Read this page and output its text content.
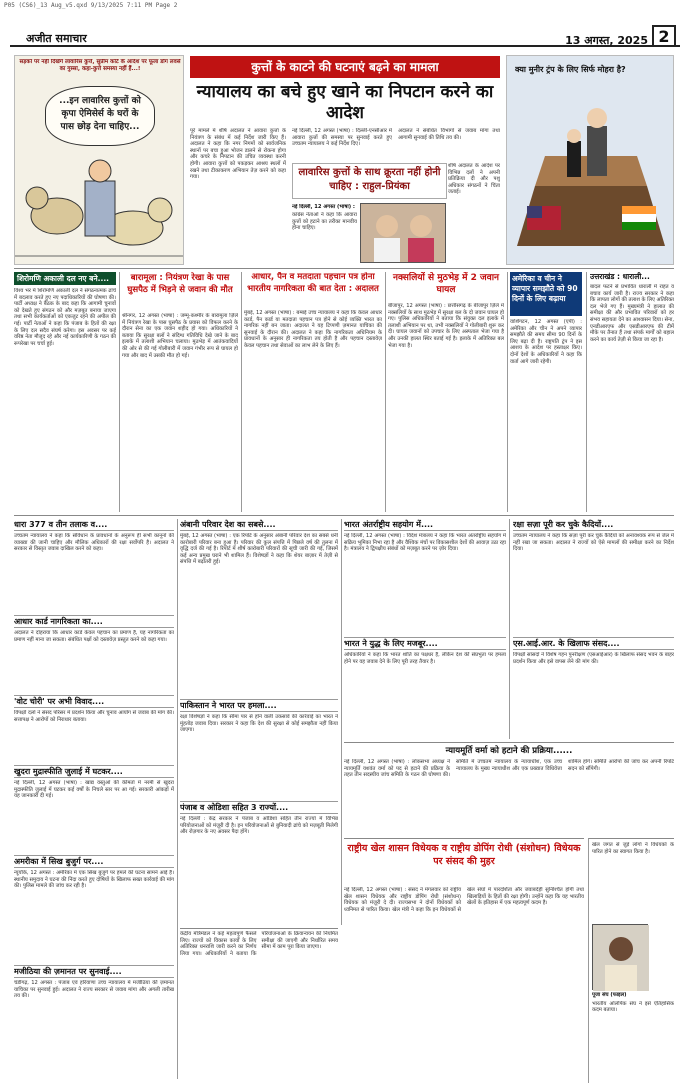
P05 (CS6)_13 Aug_v5.qxd 9/13/2025 7:11 PM Page 2
अजीत समाचार	13 अगस्त, 2025 2
सड़कों पर नहीं दिखेंगे लावारिस कुत्ते, सुप्रीम कोर्ट के आदेश पर फूला डॉग लवर्स का गुस्सा, कहा-कुत्ते समस्या नहीं हैं...!
...इन लावारिस कुत्तों को कृपा ऐमिसेर्स के घरों के पास छोड़ देना चाहिए...
कुत्तों के काटने की घटनाएं बढ़ने का मामला
न्यायालय का बचे हुए खाने का निपटान करने का आदेश
पूरे मामले में शीर्ष अदालत ने आवारा कुत्तों के नियंत्रण के संबंध में कई निर्देश जारी किए हैं। अदालत ने कहा कि नगर निगमों को सार्वजनिक स्थानों पर बचा हुआ भोजन डालने से रोकना होगा और कचरे के निपटान की उचित व्यवस्था करनी होगी। आवारा कुत्तों को पकड़कर आश्रय स्थलों में रखने तथा टीकाकरण अभियान तेज़ करने को कहा गया।
नई दिल्ली, 12 अगस्त (भाषा) : दिल्ली-एनसीआर में आवारा कुत्तों की समस्या पर सुनवाई करते हुए उच्चतम न्यायालय ने कई निर्देश दिए।
अदालत ने संबंधित विभागों से जवाब मांगा तथा आगामी सुनवाई की तिथि तय की।
लावारिस कुत्तों के साथ क्रूरता नहीं होनी चाहिए : राहुल-प्रियंका
नई दिल्ली, 12 अगस्त (भाषा) :
कांग्रेस नेताओं ने कहा कि आवारा कुत्तों को हटाने का तरीका मानवीय होना चाहिए।
शीर्ष अदालत के आदेश पर विभिन्न दलों ने अपनी प्रतिक्रिया दी और पशु अधिकार संगठनों ने चिंता जताई।
क्या मुनीर ट्रंप के लिए सिर्फ मोहरा है?
शिरोमणि अकाली दल नए बने....
विश्व भर में शिरोमणि अकाली दल ने संगठनात्मक ढांचे में बदलाव करते हुए नए पदाधिकारियों की घोषणा की। पार्टी अध्यक्ष ने बैठक के बाद कहा कि आगामी चुनावों को देखते हुए संगठन को और मज़बूत बनाया जाएगा तथा सभी कार्यकर्ताओं को एकजुट रहने की अपील की गई। पार्टी नेताओं ने कहा कि पंजाब के हितों की रक्षा के लिए दल सदैव संघर्ष करेगा। इस अवसर पर कई वरिष्ठ नेता मौजूद रहे और नई कार्यकारिणी के गठन की रूपरेखा पर चर्चा हुई।
बारामूला : नियंत्रण रेखा के पास घुसपैठ में भिड़ने से जवान की मौत
श्रीनगर, 12 अगस्त (भाषा) : जम्मू-कश्मीर के बारामूला ज़िले में नियंत्रण रेखा के पास घुसपैठ के प्रयास को विफल करने के दौरान सेना का एक जवान शहीद हो गया। अधिकारियों ने बताया कि सुरक्षा बलों ने संदिग्ध गतिविधि देखे जाने के बाद इलाके में तलाशी अभियान चलाया। मुठभेड़ में आतंकवादियों की ओर से की गई गोलीबारी में जवान गंभीर रूप से घायल हो गया और बाद में उसकी मौत हो गई।
आधार, पैन व मतदाता पहचान पत्र होना भारतीय नागरिकता की बात देता : अदालत
मुंबई, 12 अगस्त (भाषा) : बम्बई उच्च न्यायालय ने कहा कि केवल आधार कार्ड, पैन कार्ड या मतदाता पहचान पत्र होने से कोई व्यक्ति भारत का नागरिक नहीं बन जाता। अदालत ने यह टिप्पणी ज़मानत याचिका की सुनवाई के दौरान की। अदालत ने कहा कि नागरिकता अधिनियम के प्रावधानों के अनुसार ही नागरिकता तय होती है और पहचान दस्तावेज़ केवल पहचान तथा सेवाओं का लाभ लेने के लिए हैं।
नक्सलियों से मुठभेड़ में 2 जवान घायल
बीजापुर, 12 अगस्त (भाषा) : छत्तीसगढ़ के बीजापुर ज़िले में नक्सलियों के साथ मुठभेड़ में सुरक्षा बल के दो जवान घायल हो गए। पुलिस अधिकारियों ने बताया कि संयुक्त दल इलाके में तलाशी अभियान पर था, तभी नक्सलियों ने गोलीबारी शुरू कर दी। घायल जवानों को उपचार के लिए अस्पताल भेजा गया है और उनकी हालत स्थिर बताई गई है। इलाके में अतिरिक्त बल भेजा गया है।
अमेरिका व चीन ने व्यापार समझौते को 90 दिनों के लिए बढ़ाया
वाशिंगटन, 12 अगस्त (एपी) : अमेरिका और चीन ने अपने व्यापार समझौते की समय सीमा 90 दिनों के लिए बढ़ा दी है। राष्ट्रपति ट्रंप ने इस आशय के आदेश पर हस्ताक्षर किए। दोनों देशों के अधिकारियों ने कहा कि वार्ता आगे जारी रहेगी।
उत्तराखंड : धाराली...
बादल फटने से प्रभावित धाराली में राहत व बचाव कार्य जारी है। राज्य सरकार ने कहा कि लापता लोगों की तलाश के लिए अतिरिक्त दल भेजे गए हैं। मुख्यमंत्री ने हालात की समीक्षा की और प्रभावित परिवारों को हर संभव सहायता देने का आश्वासन दिया। सेना, एनडीआरएफ और एसडीआरएफ की टीमें मौके पर तैनात हैं तथा संपर्क मार्गों को बहाल करने का कार्य तेज़ी से किया जा रहा है।
धारा 377 व तीन तलाक व....
उच्चतम न्यायालय ने कहा कि संविधान के प्रावधानों के अनुरूप ही सभी कानूनों की व्याख्या की जानी चाहिए और मौलिक अधिकारों की रक्षा सर्वोपरि है। अदालत ने सरकार से विस्तृत जवाब दाखिल करने को कहा।
आधार कार्ड नागरिकता का....
अदालत ने दोहराया कि आधार कार्ड केवल पहचान का प्रमाण है, यह नागरिकता का प्रमाण नहीं माना जा सकता। संबंधित पक्षों को दस्तावेज़ प्रस्तुत करने को कहा गया।
'वोट चोरी' पर अभी विवाद....
विपक्षी दलों ने संसद परिसर में प्रदर्शन किया और चुनाव आयोग से जवाब की मांग की। सत्तापक्ष ने आरोपों को निराधार बताया।
खुदरा मुद्रास्फीति जुलाई में घटकर....
नई दिल्ली, 12 अगस्त (भाषा) : खाद्य वस्तुओं की कीमतों में नरमी से खुदरा मुद्रास्फीति जुलाई में घटकर कई वर्षों के निचले स्तर पर आ गई। सरकारी आंकड़ों में यह जानकारी दी गई।
अमरीका में सिख बुजुर्ग पर....
न्यूयॉर्क, 12 अगस्त : अमेरिका में एक सिख बुजुर्ग पर हमले की घटना सामने आई है। स्थानीय समुदाय ने घटना की निंदा करते हुए दोषियों के खिलाफ सख्त कार्रवाई की मांग की। पुलिस मामले की जांच कर रही है।
मजीठिया की ज़मानत पर सुनवाई....
चंडीगढ़, 12 अगस्त : पंजाब एवं हरियाणा उच्च न्यायालय में मजीठिया की ज़मानत याचिका पर सुनवाई हुई। अदालत ने राज्य सरकार से जवाब मांगा और अगली तारीख तय की।
अंबानी परिवार देश का सबसे....
मुंबई, 12 अगस्त (भाषा) : एक रिपोर्ट के अनुसार अंबानी परिवार देश का सबसे धनी कारोबारी परिवार बना हुआ है। परिवार की कुल संपत्ति में पिछले वर्ष की तुलना में वृद्धि दर्ज की गई है। रिपोर्ट में शीर्ष कारोबारी परिवारों की सूची जारी की गई, जिसमें कई अन्य प्रमुख घराने भी शामिल हैं। विशेषज्ञों ने कहा कि शेयर बाज़ार में तेज़ी से संपत्ति में बढ़ोतरी हुई।
पाकिस्तान ने भारत पर हमला....
रक्षा विशेषज्ञों ने कहा कि सीमा पार से होने वाली उकसावे की कार्रवाई का भारत ने मुंहतोड़ जवाब दिया। सरकार ने कहा कि देश की सुरक्षा से कोई समझौता नहीं किया जाएगा।
पंजाब व ओडिशा सहित 3 राज्यों....
नई दिल्ली : केंद्र सरकार ने पंजाब व ओडिशा सहित तीन राज्यों में विभिन्न परियोजनाओं को मंज़ूरी दी है। इन परियोजनाओं से बुनियादी ढांचे को मज़बूती मिलेगी और रोज़गार के नए अवसर पैदा होंगे।
भारत अंतर्राष्ट्रीय सहयोग में....
नई दिल्ली, 12 अगस्त (भाषा) : विदेश मंत्रालय ने कहा कि भारत अंतर्राष्ट्रीय सहयोग में सक्रिय भूमिका निभा रहा है और वैश्विक मंचों पर विकासशील देशों की आवाज़ उठा रहा है। मंत्रालय ने द्विपक्षीय संबंधों को मज़बूत करने पर ज़ोर दिया।
भारत ने युद्ध के लिए मजबूर....
अधिकारियों ने कहा कि भारत शांति का पक्षधर है, लेकिन देश की संप्रभुता पर हमला होने पर वह जवाब देने के लिए पूरी तरह तैयार है।
रक्षा सज़ा पूरी कर चुके कैदियों....
उच्चतम न्यायालय ने कहा कि सज़ा पूरी कर चुके कैदियों को अनावश्यक रूप से जेल में नहीं रखा जा सकता। अदालत ने राज्यों को ऐसे मामलों की समीक्षा करने का निर्देश दिया।
एस.आई.आर. के खिलाफ संसद....
विपक्षी सांसदों ने विशेष गहन पुनरीक्षण (एसआईआर) के खिलाफ संसद भवन के बाहर प्रदर्शन किया और इसे वापस लेने की मांग की।
न्यायमूर्ति वर्मा को हटाने की प्रक्रिया......
नई दिल्ली, 12 अगस्त (भाषा) : लोकसभा अध्यक्ष ने न्यायमूर्ति यशवंत वर्मा को पद से हटाने की प्रक्रिया के तहत तीन सदस्यीय जांच समिति के गठन की घोषणा की। समिति में उच्चतम न्यायालय के न्यायाधीश, एक उच्च न्यायालय के मुख्य न्यायाधीश और एक प्रख्यात विधिवेत्ता शामिल होंगे। समिति आरोपों की जांच कर अपनी रिपोर्ट सदन को सौंपेगी।
राष्ट्रीय खेल शासन विधेयक व राष्ट्रीय डोपिंग रोधी (संशोधन) विधेयक पर संसद की मुहर
नई दिल्ली, 12 अगस्त (भाषा) : संसद ने मंगलवार को राष्ट्रीय खेल शासन विधेयक और राष्ट्रीय डोपिंग रोधी (संशोधन) विधेयक को मंज़ूरी दे दी। राज्यसभा ने दोनों विधेयकों को ध्वनिमत से पारित किया। खेल मंत्री ने कहा कि इन विधेयकों से खेल संघों में पारदर्शिता और जवाबदेही सुनिश्चित होगी तथा खिलाड़ियों के हितों की रक्षा होगी। उन्होंने कहा कि यह भारतीय खेलों के इतिहास में एक महत्वपूर्ण कदम है।
खेल जगत से जुड़े लोगों ने विधेयकों के पारित होने का स्वागत किया है।
पूजा संघ (फाइल)
भारतीय ओलंपिक संघ ने इसे ऐतिहासिक कदम बताया।
केंद्रीय मंत्रिमंडल ने कई महत्वपूर्ण फैसले लिए। राज्यों को विकास कार्यों के लिए अतिरिक्त धनराशि जारी करने का निर्णय लिया गया। अधिकारियों ने बताया कि परियोजनाओं के क्रियान्वयन की नियमित समीक्षा की जाएगी और निर्धारित समय सीमा में काम पूरा किया जाएगा।
